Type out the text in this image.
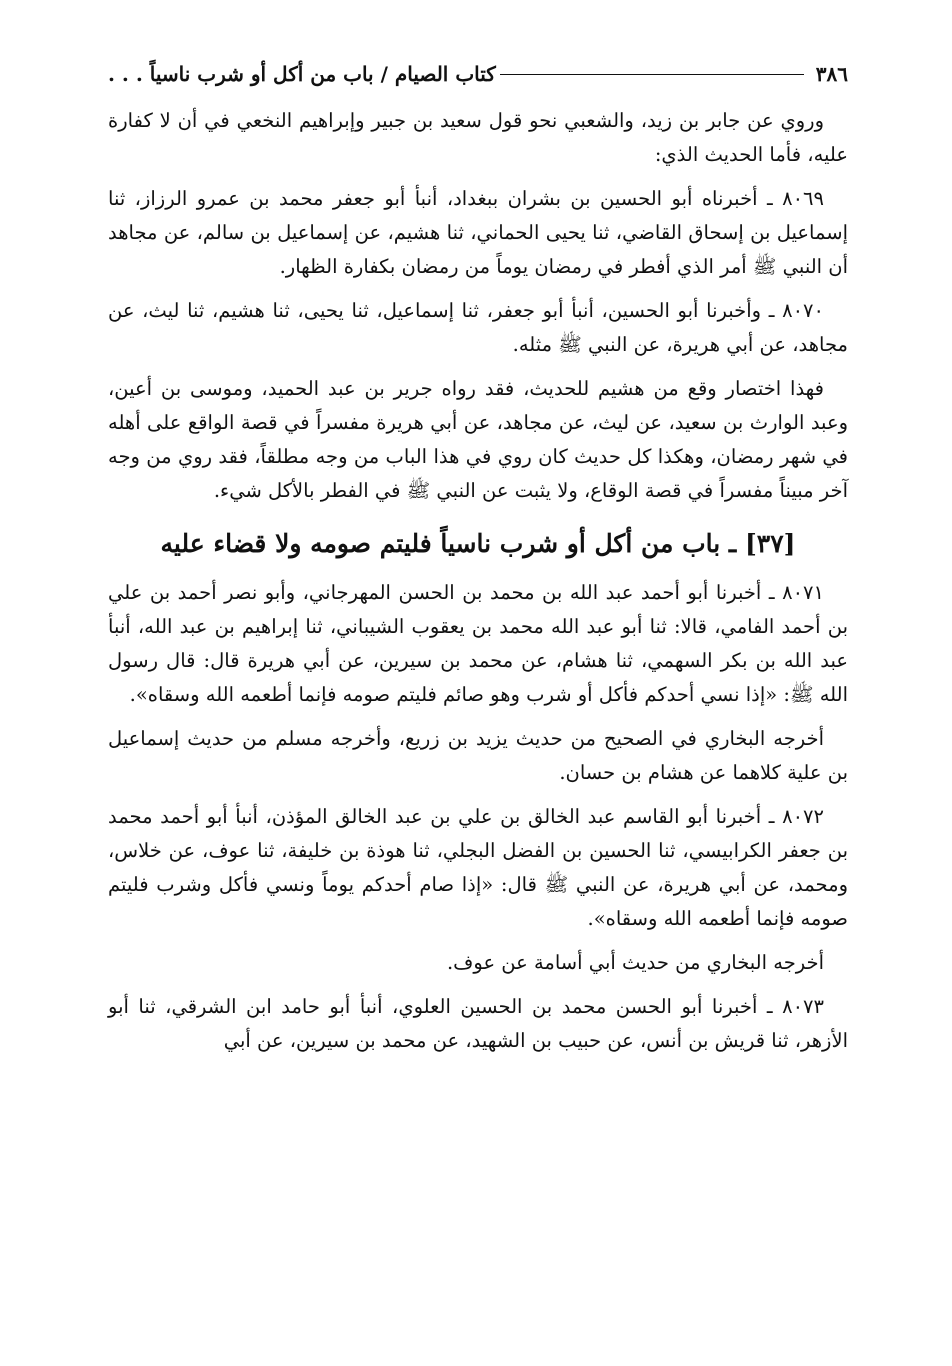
٣٨٦
كتاب الصيام / باب من أكل أو شرب ناسياً . . .

وروي عن جابر بن زيد، والشعبي نحو قول سعيد بن جبير وإبراهيم النخعي في أن لا كفارة عليه، فأما الحديث الذي:

٨٠٦٩ ـ أخبرناه أبو الحسين بن بشران ببغداد، أنبأ أبو جعفر محمد بن عمرو الرزاز، ثنا إسماعيل بن إسحاق القاضي، ثنا يحيى الحماني، ثنا هشيم، عن إسماعيل بن سالم، عن مجاهد أن النبي ﷺ أمر الذي أفطر في رمضان يوماً من رمضان بكفارة الظهار.

٨٠٧٠ ـ وأخبرنا أبو الحسين، أنبأ أبو جعفر، ثنا إسماعيل، ثنا يحيى، ثنا هشيم، ثنا ليث، عن مجاهد، عن أبي هريرة، عن النبي ﷺ مثله.

فهذا اختصار وقع من هشيم للحديث، فقد رواه جرير بن عبد الحميد، وموسى بن أعين، وعبد الوارث بن سعيد، عن ليث، عن مجاهد، عن أبي هريرة مفسراً في قصة الواقع على أهله في شهر رمضان، وهكذا كل حديث كان روي في هذا الباب من وجه مطلقاً، فقد روي من وجه آخر مبيناً مفسراً في قصة الوقاع، ولا يثبت عن النبي ﷺ في الفطر بالأكل شيء.

[٣٧] ـ باب من أكل أو شرب ناسياً فليتم صومه ولا قضاء عليه

٨٠٧١ ـ أخبرنا أبو أحمد عبد الله بن محمد بن الحسن المهرجاني، وأبو نصر أحمد بن علي بن أحمد الفامي، قالا: ثنا أبو عبد الله محمد بن يعقوب الشيباني، ثنا إبراهيم بن عبد الله، أنبأ عبد الله بن بكر السهمي، ثنا هشام، عن محمد بن سيرين، عن أبي هريرة قال: قال رسول الله ﷺ: «إذا نسي أحدكم فأكل أو شرب وهو صائم فليتم صومه فإنما أطعمه الله وسقاه».

أخرجه البخاري في الصحيح من حديث يزيد بن زريع، وأخرجه مسلم من حديث إسماعيل بن علية كلاهما عن هشام بن حسان.

٨٠٧٢ ـ أخبرنا أبو القاسم عبد الخالق بن علي بن عبد الخالق المؤذن، أنبأ أبو أحمد محمد بن جعفر الكرابيسي، ثنا الحسين بن الفضل البجلي، ثنا هوذة بن خليفة، ثنا عوف، عن خلاس، ومحمد، عن أبي هريرة، عن النبي ﷺ قال: «إذا صام أحدكم يوماً ونسي فأكل وشرب فليتم صومه فإنما أطعمه الله وسقاه».

أخرجه البخاري من حديث أبي أسامة عن عوف.

٨٠٧٣ ـ أخبرنا أبو الحسن محمد بن الحسين العلوي، أنبأ أبو حامد ابن الشرقي، ثنا أبو الأزهر، ثنا قريش بن أنس، عن حبيب بن الشهيد، عن محمد بن سيرين، عن أبي
